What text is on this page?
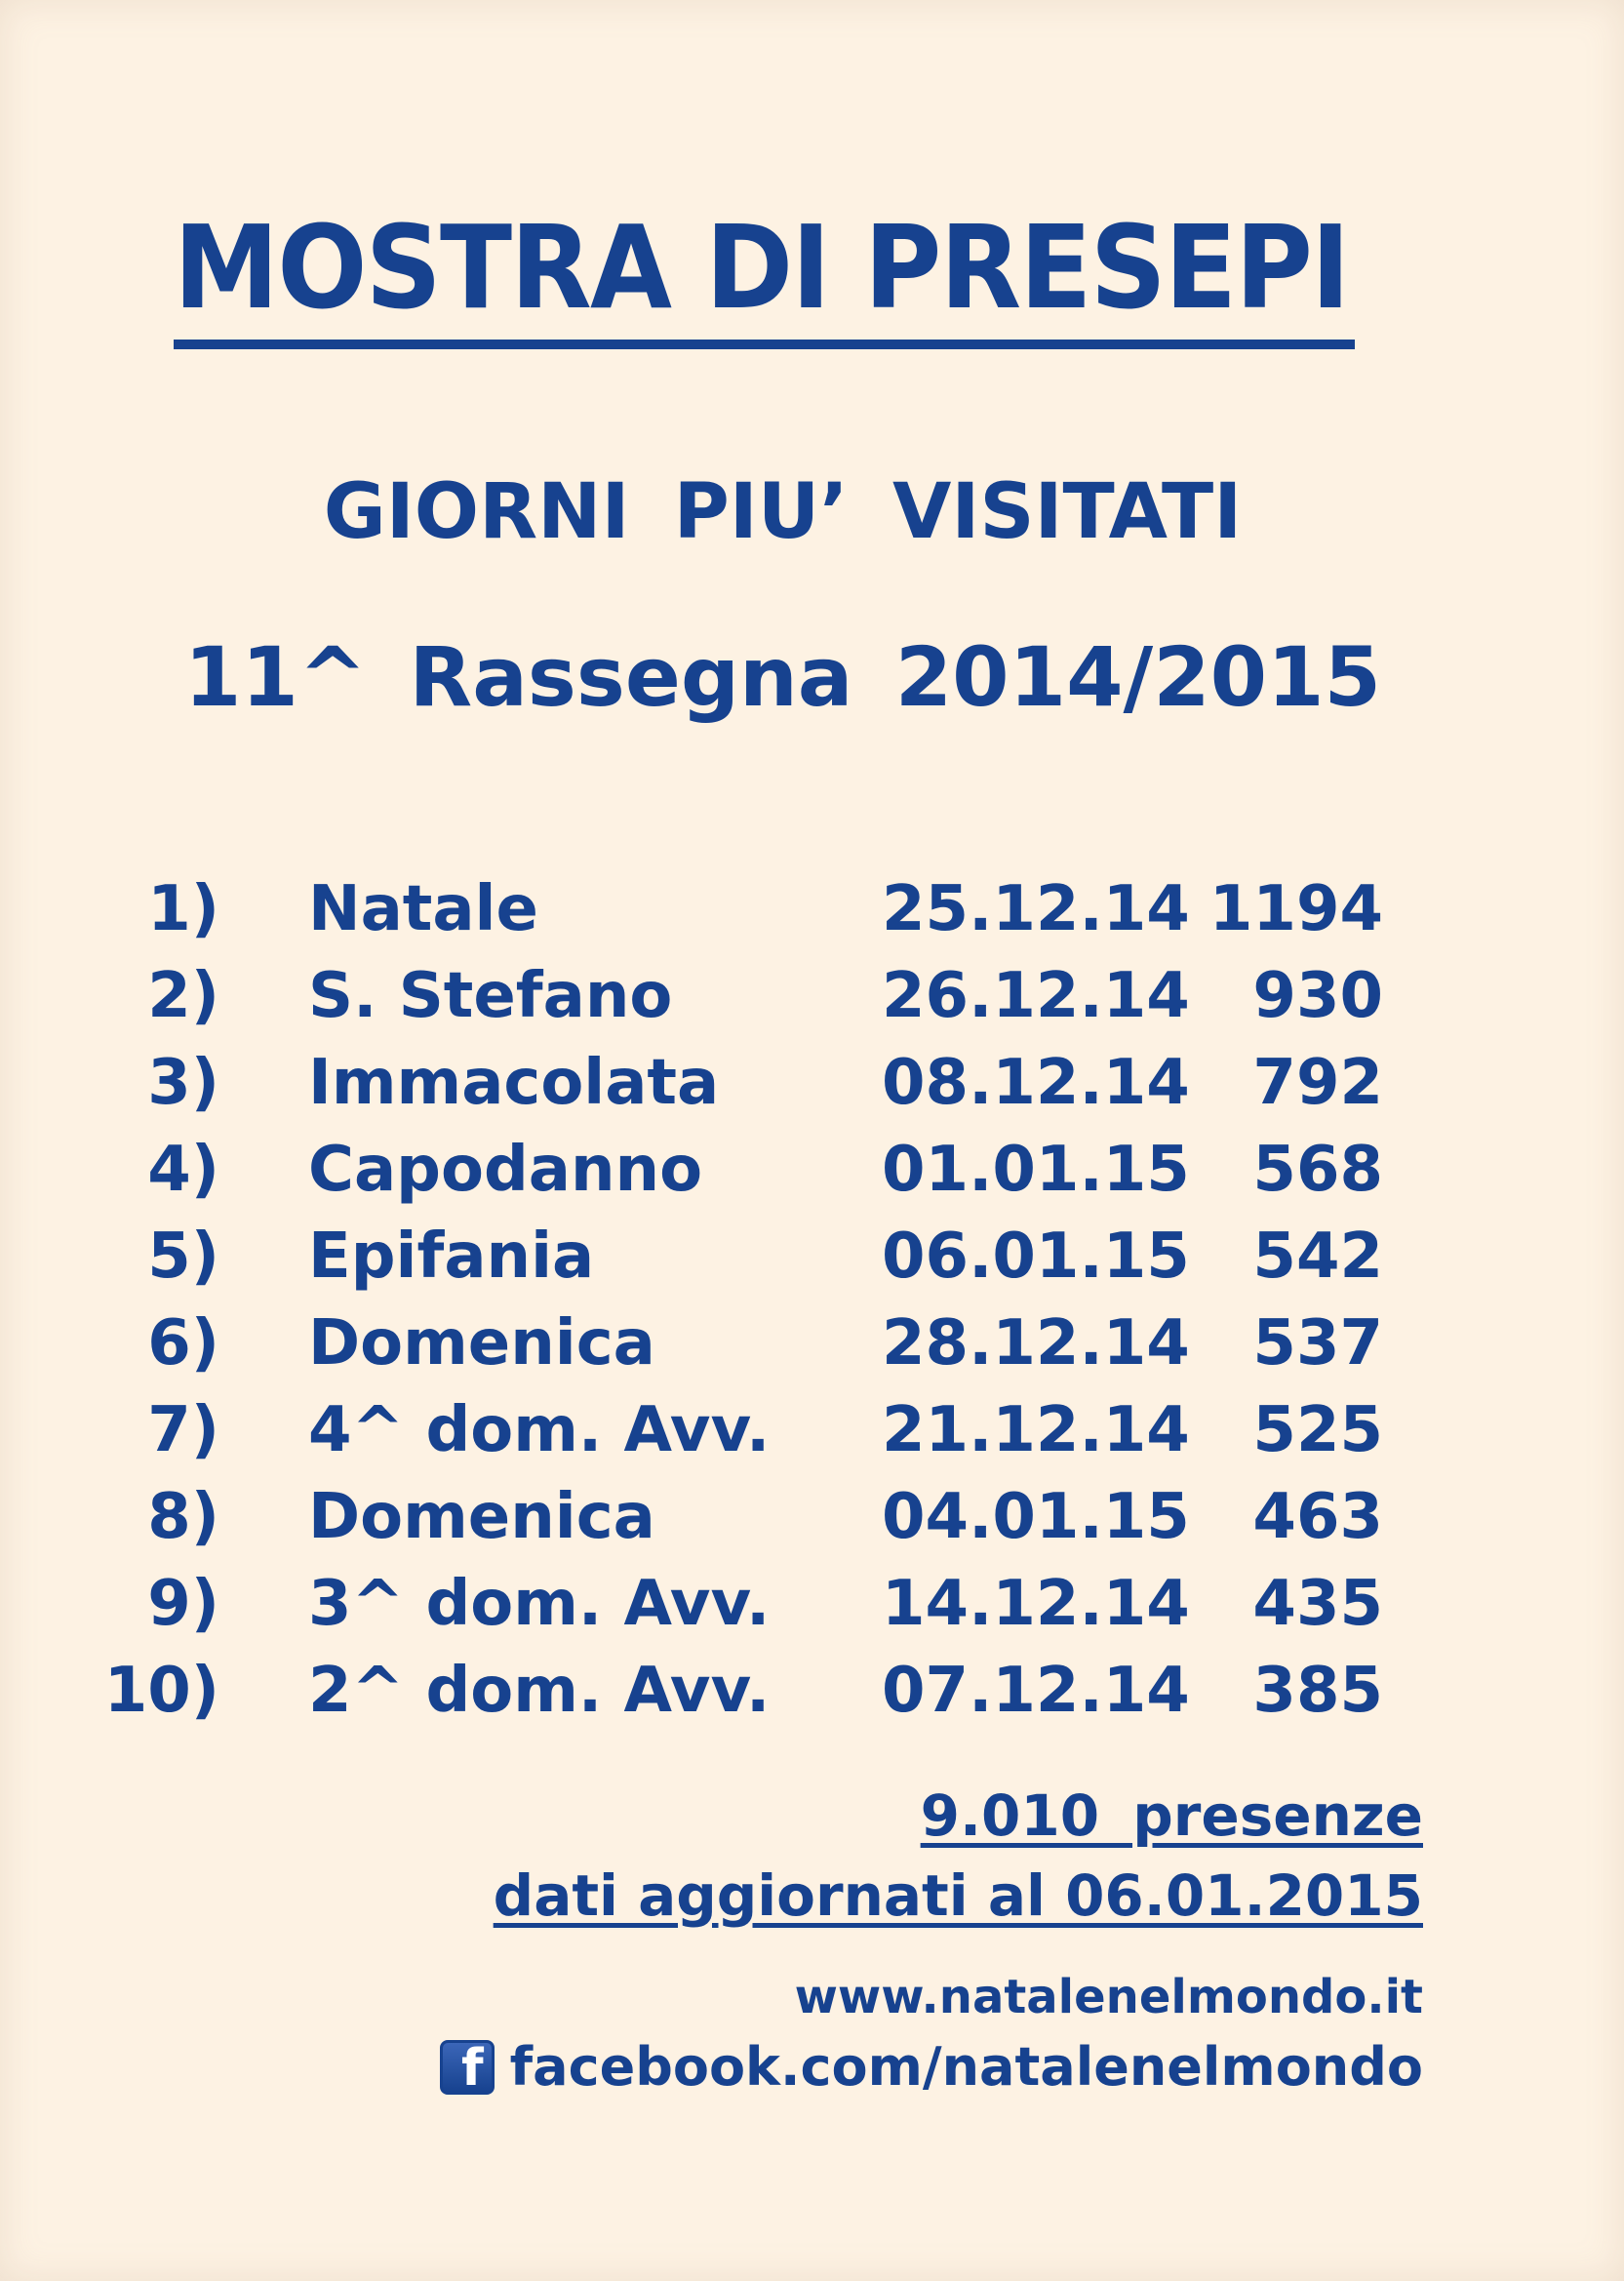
MOSTRA DI PRESEPI
GIORNI PIU’ VISITATI
11^ Rassegna 2014/2015
1) Natale	25.12.14 1194
2) S. Stefano	26.12.14 930
3) Immacolata	08.12.14 792
4) Capodanno	01.01.15 568
5) Epifania	06.01.15 542
6) Domenica	28.12.14 537
7) 4^ dom. Avv. 21.12.14 525
8) Domenica	04.01.15 463
9) 3^ dom. Avv. 14.12.14 435
10) 2^ dom. Avv. 07.12.14 385
9.010 presenze
dati aggiornati al 06.01.2015
www.natalenelmondo.it
f facebook.com/natalenelmondo
